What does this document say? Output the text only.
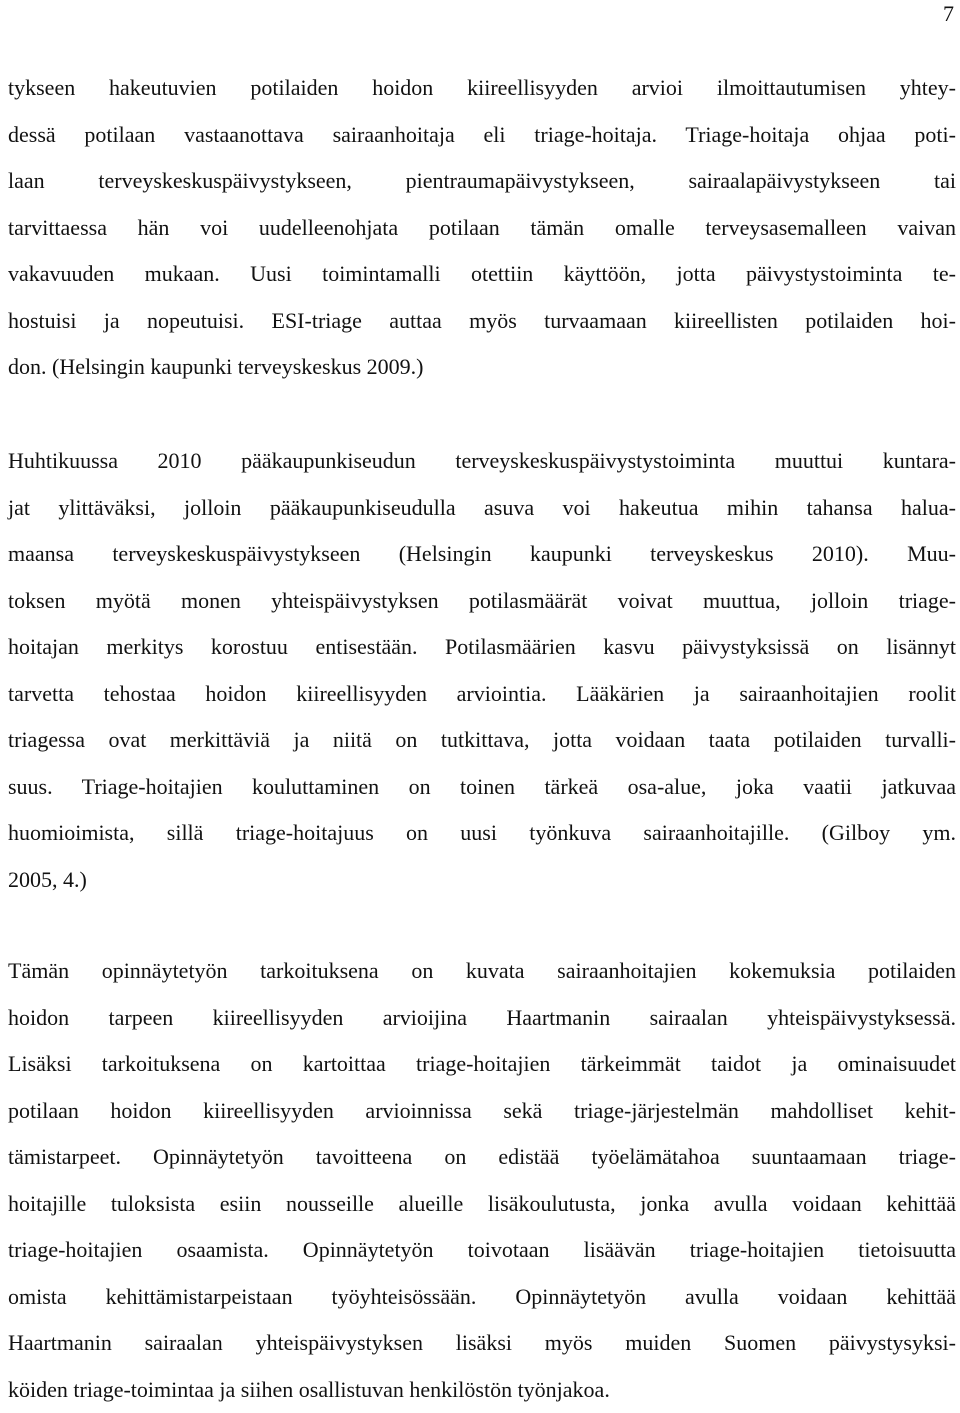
7
tykseen hakeutuvien potilaiden hoidon kiireellisyyden arvioi ilmoittautumisen yhtey-
dessä potilaan vastaanottava sairaanhoitaja eli triage-hoitaja. Triage-hoitaja ohjaa poti-
laan terveyskeskuspäivystykseen, pientraumapäivystykseen, sairaalapäivystykseen tai
tarvittaessa hän voi uudelleenohjata potilaan tämän omalle terveysasemalleen vaivan
vakavuuden mukaan. Uusi toimintamalli otettiin käyttöön, jotta päivystystoiminta te-
hostuisi ja nopeutuisi. ESI-triage auttaa myös turvaamaan kiireellisten potilaiden hoi-
don. (Helsingin kaupunki terveyskeskus 2009.)
Huhtikuussa 2010 pääkaupunkiseudun terveyskeskuspäivystystoiminta muuttui kuntara-
jat ylittäväksi, jolloin pääkaupunkiseudulla asuva voi hakeutua mihin tahansa halua-
maansa terveyskeskuspäivystykseen (Helsingin kaupunki terveyskeskus 2010). Muu-
toksen myötä monen yhteispäivystyksen potilasmäärät voivat muuttua, jolloin triage-
hoitajan merkitys korostuu entisestään. Potilasmäärien kasvu päivystyksissä on lisännyt
tarvetta tehostaa hoidon kiireellisyyden arviointia. Lääkärien ja sairaanhoitajien roolit
triagessa ovat merkittäviä ja niitä on tutkittava, jotta voidaan taata potilaiden turvalli-
suus. Triage-hoitajien kouluttaminen on toinen tärkeä osa-alue, joka vaatii jatkuvaa
huomioimista, sillä triage-hoitajuus on uusi työnkuva sairaanhoitajille. (Gilboy ym.
2005, 4.)
Tämän opinnäytetyön tarkoituksena on kuvata sairaanhoitajien kokemuksia potilaiden
hoidon tarpeen kiireellisyyden arvioijina Haartmanin sairaalan yhteispäivystyksessä.
Lisäksi tarkoituksena on kartoittaa triage-hoitajien tärkeimmät taidot ja ominaisuudet
potilaan hoidon kiireellisyyden arvioinnissa sekä triage-järjestelmän mahdolliset kehit-
tämistarpeet. Opinnäytetyön tavoitteena on edistää työelämätahoa suuntaamaan triage-
hoitajille tuloksista esiin nousseille alueille lisäkoulutusta, jonka avulla voidaan kehittää
triage-hoitajien osaamista. Opinnäytetyön toivotaan lisäävän triage-hoitajien tietoisuutta
omista kehittämistarpeistaan työyhteisössään. Opinnäytetyön avulla voidaan kehittää
Haartmanin sairaalan yhteispäivystyksen lisäksi myös muiden Suomen päivystysyksi-
köiden triage-toimintaa ja siihen osallistuvan henkilöstön työnjakoa.
